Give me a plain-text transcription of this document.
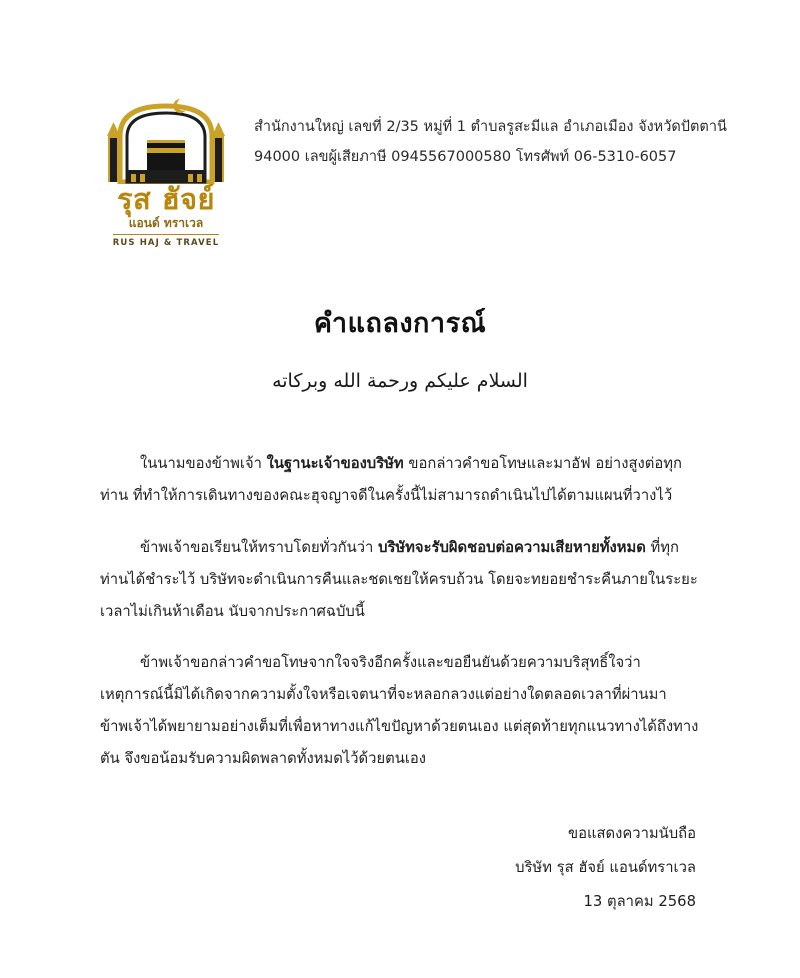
รุส ฮัจย์
แอนด์ ทราเวล
RUS HAJ & TRAVEL
สำนักงานใหญ่ เลขที่ 2/35 หมู่ที่ 1 ตำบลรูสะมีแล อำเภอเมือง จังหวัดปัตตานี
94000 เลขผู้เสียภาษี 0945567000580 โทรศัพท์ 06-5310-6057
คำแถลงการณ์
السلام عليكم ورحمة الله وبركاته

ในนามของข้าพเจ้า ในฐานะเจ้าของบริษัท ขอกล่าวคำขอโทษและมาอัฟ อย่างสูงต่อทุกท่าน ที่ทำให้การเดินทางของคณะฮุจญาจดีในครั้งนี้ไม่สามารถดำเนินไปได้ตามแผนที่วางไว้

ข้าพเจ้าขอเรียนให้ทราบโดยทั่วกันว่า บริษัทจะรับผิดชอบต่อความเสียหายทั้งหมด ที่ทุกท่านได้ชำระไว้ บริษัทจะดำเนินการคืนและชดเชยให้ครบถ้วน โดยจะทยอยชำระคืนภายในระยะเวลาไม่เกินห้าเดือน นับจากประกาศฉบับนี้

ข้าพเจ้าขอกล่าวคำขอโทษจากใจจริงอีกครั้งและขอยืนยันด้วยความบริสุทธิ์ใจว่าเหตุการณ์นี้มิได้เกิดจากความตั้งใจหรือเจตนาที่จะหลอกลวงแต่อย่างใดตลอดเวลาที่ผ่านมาข้าพเจ้าได้พยายามอย่างเต็มที่เพื่อหาทางแก้ไขปัญหาด้วยตนเอง แต่สุดท้ายทุกแนวทางได้ถึงทางตัน จึงขอน้อมรับความผิดพลาดทั้งหมดไว้ด้วยตนเอง

ขอแสดงความนับถือ
บริษัท รุส ฮัจย์ แอนด์ทราเวล
13 ตุลาคม 2568
